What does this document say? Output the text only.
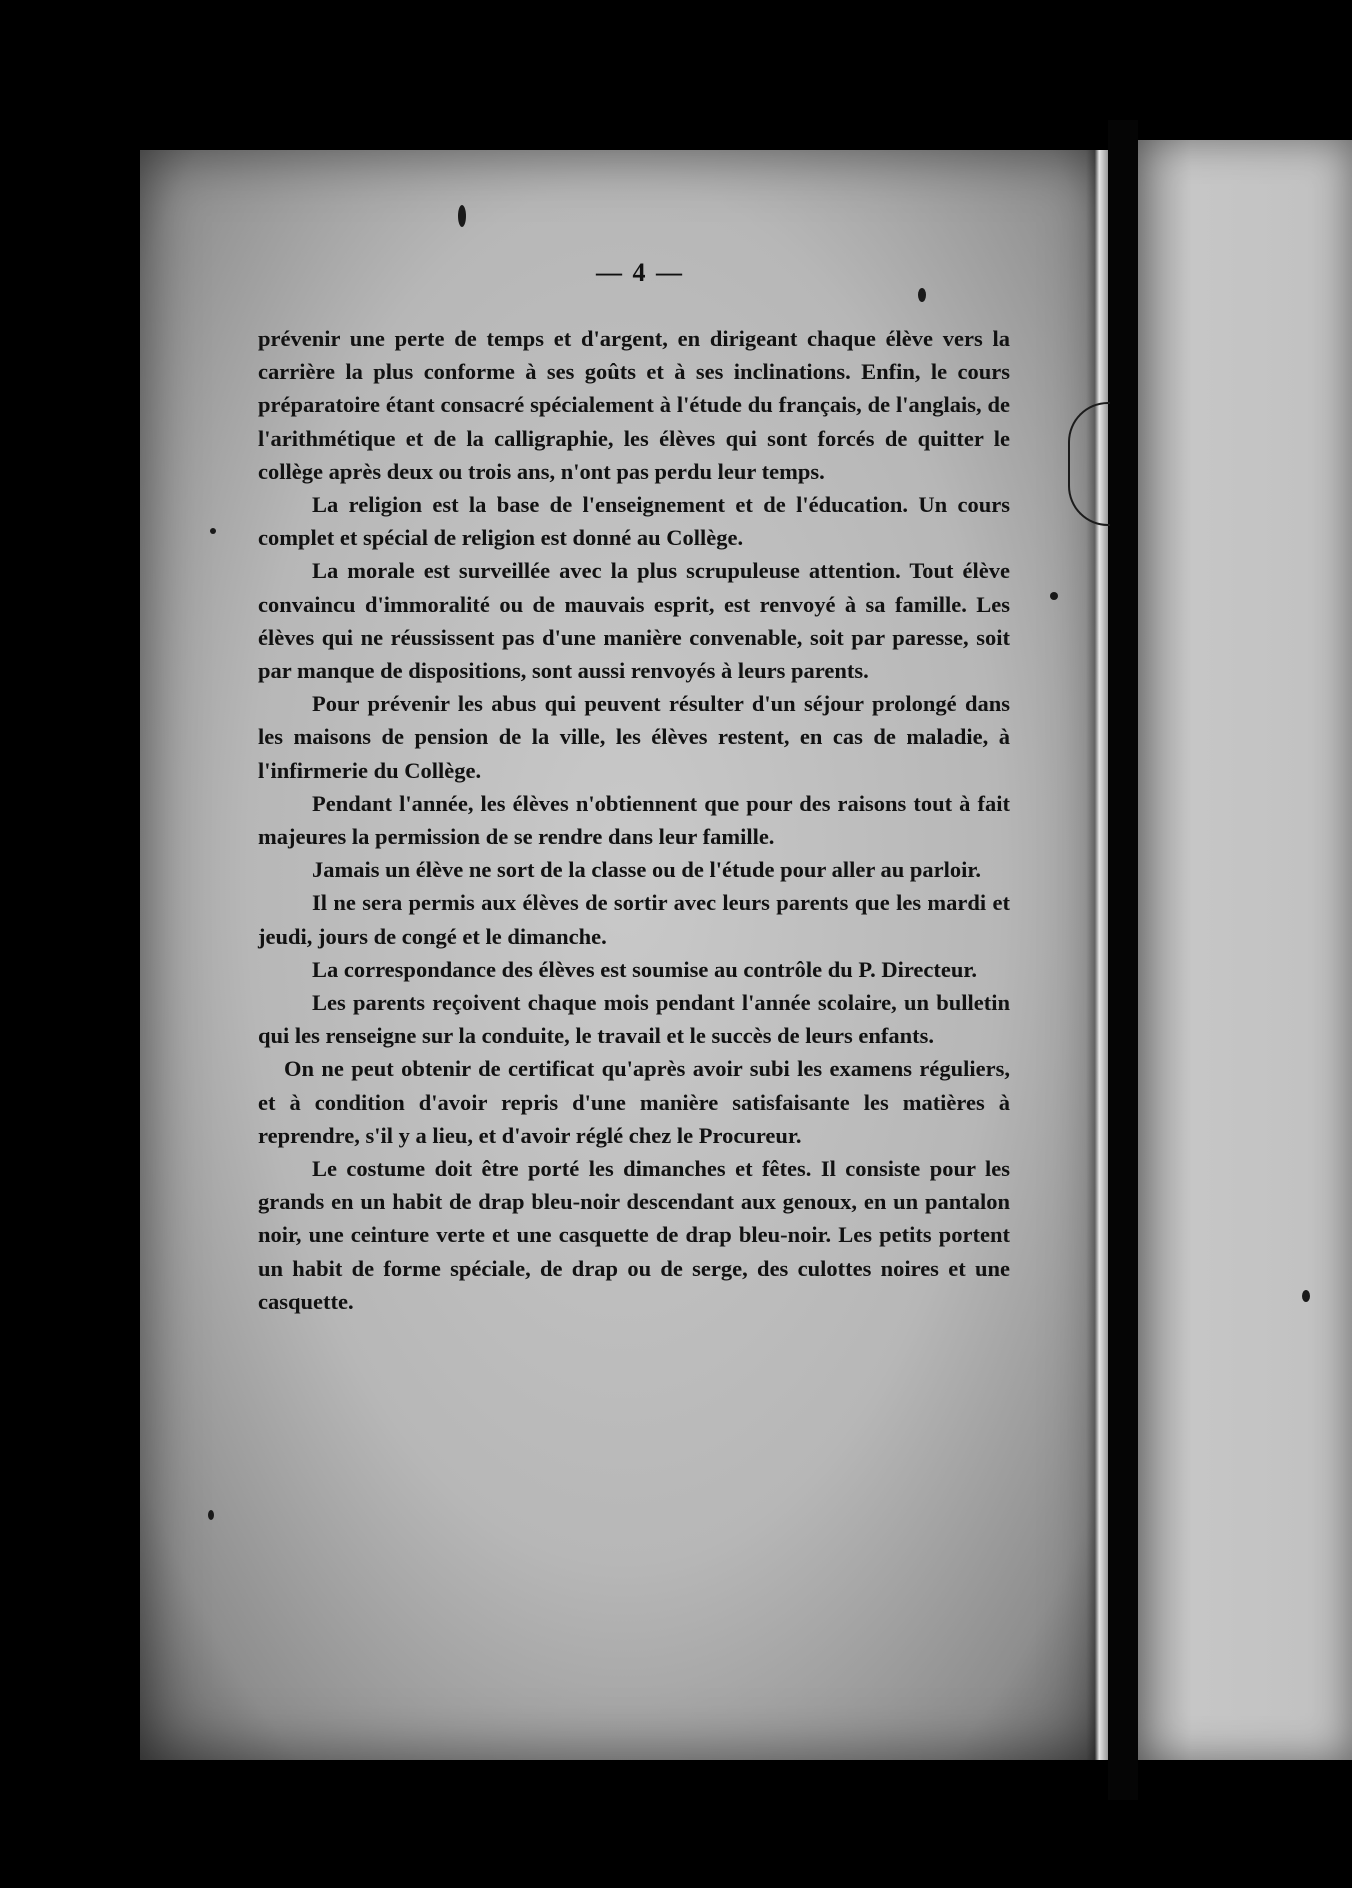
— 4 —

prévenir une perte de temps et d'argent, en dirigeant chaque élève vers la carrière la plus conforme à ses goûts et à ses inclinations. Enfin, le cours préparatoire étant consacré spécialement à l'étude du français, de l'anglais, de l'arithmétique et de la calligraphie, les élèves qui sont forcés de quitter le collège après deux ou trois ans, n'ont pas perdu leur temps.

La religion est la base de l'enseignement et de l'éducation. Un cours complet et spécial de religion est donné au Collège.

La morale est surveillée avec la plus scrupuleuse attention. Tout élève convaincu d'immoralité ou de mauvais esprit, est renvoyé à sa famille. Les élèves qui ne réussissent pas d'une manière convenable, soit par paresse, soit par manque de dispositions, sont aussi renvoyés à leurs parents.

Pour prévenir les abus qui peuvent résulter d'un séjour prolongé dans les maisons de pension de la ville, les élèves restent, en cas de maladie, à l'infirmerie du Collège.

Pendant l'année, les élèves n'obtiennent que pour des raisons tout à fait majeures la permission de se rendre dans leur famille.

Jamais un élève ne sort de la classe ou de l'étude pour aller au parloir.

Il ne sera permis aux élèves de sortir avec leurs parents que les mardi et jeudi, jours de congé et le dimanche.

La correspondance des élèves est soumise au contrôle du P. Directeur.

Les parents reçoivent chaque mois pendant l'année scolaire, un bulletin qui les renseigne sur la conduite, le travail et le succès de leurs enfants.

On ne peut obtenir de certificat qu'après avoir subi les examens réguliers, et à condition d'avoir repris d'une manière satisfaisante les matières à reprendre, s'il y a lieu, et d'avoir réglé chez le Procureur.

Le costume doit être porté les dimanches et fêtes. Il consiste pour les grands en un habit de drap bleu-noir descendant aux genoux, en un pantalon noir, une ceinture verte et une casquette de drap bleu-noir. Les petits portent un habit de forme spéciale, de drap ou de serge, des culottes noires et une casquette.
